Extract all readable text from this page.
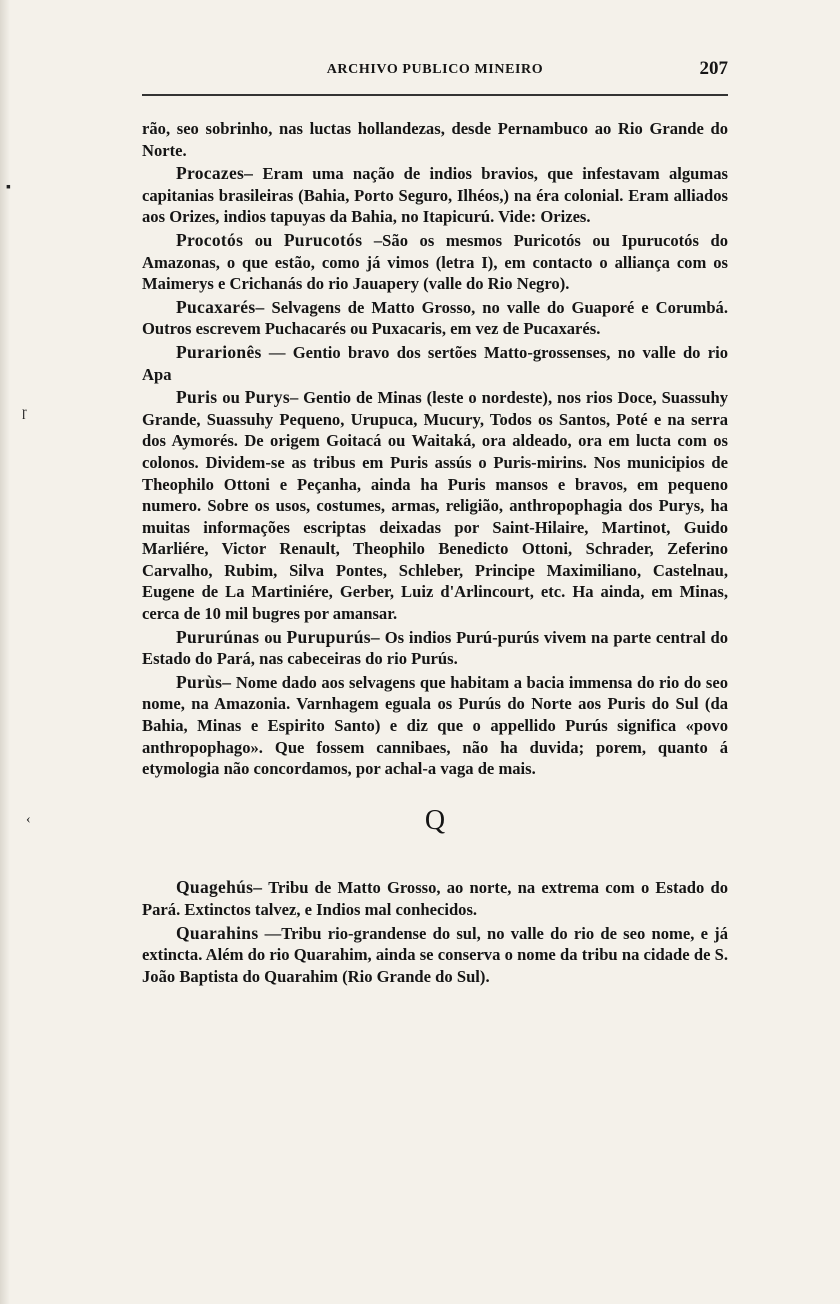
▪
ɼ
‹
ARCHIVO PUBLICO MINEIRO	207

rão, seo sobrinho, nas luctas hollandezas, desde Pernambuco ao Rio Grande do Norte.

Procazes– Eram uma nação de indios bravios, que infestavam algumas capitanias brasileiras (Bahia, Porto Seguro, Ilhéos,) na éra colonial. Eram alliados aos Orizes, indios tapuyas da Bahia, no Itapicurú. Vide: Orizes.

Procotós ou Purucotós –São os mesmos Puricotós ou Ipurucotós do Amazonas, o que estão, como já vimos (letra I), em contacto o alliança com os Maimerys e Crichanás do rio Jauapery (valle do Rio Negro).

Pucaxarés– Selvagens de Matto Grosso, no valle do Guaporé e Corumbá. Outros escrevem Puchacarés ou Puxacaris, em vez de Pucaxarés.

Purarionês — Gentio bravo dos sertões Matto-grossenses, no valle do rio Apa

Puris ou Purys– Gentio de Minas (leste o nordeste), nos rios Doce, Suassuhy Grande, Suassuhy Pequeno, Urupuca, Mucury, Todos os Santos, Poté e na serra dos Aymorés. De origem Goitacá ou Waitaká, ora aldeado, ora em lucta com os colonos. Dividem-se as tribus em Puris assús o Puris-mirins. Nos municipios de Theophilo Ottoni e Peçanha, ainda ha Puris mansos e bravos, em pequeno numero. Sobre os usos, costumes, armas, religião, anthropophagia dos Purys, ha muitas informações escriptas deixadas por Saint-Hilaire, Martinot, Guido Marliére, Victor Renault, Theophilo Benedicto Ottoni, Schrader, Zeferino Carvalho, Rubim, Silva Pontes, Schleber, Principe Maximiliano, Castelnau, Eugene de La Martiniére, Gerber, Luiz d'Arlincourt, etc. Ha ainda, em Minas, cerca de 10 mil bugres por amansar.

Pururúnas ou Purupurús– Os indios Purú-purús vivem na parte central do Estado do Pará, nas cabeceiras do rio Purús.

Purùs– Nome dado aos selvagens que habitam a bacia immensa do rio do seo nome, na Amazonia. Varnhagem eguala os Purús do Norte aos Puris do Sul (da Bahia, Minas e Espirito Santo) e diz que o appellido Purús significa «povo anthropophago». Que fossem cannibaes, não ha duvida; porem, quanto á etymologia não concordamos, por achal-a vaga de mais.

Q

Quagehús– Tribu de Matto Grosso, ao norte, na extrema com o Estado do Pará. Extinctos talvez, e Indios mal conhecidos.

Quarahins —Tribu rio-grandense do sul, no valle do rio de seo nome, e já extincta. Além do rio Quarahim, ainda se conserva o nome da tribu na cidade de S. João Baptista do Quarahim (Rio Grande do Sul).
